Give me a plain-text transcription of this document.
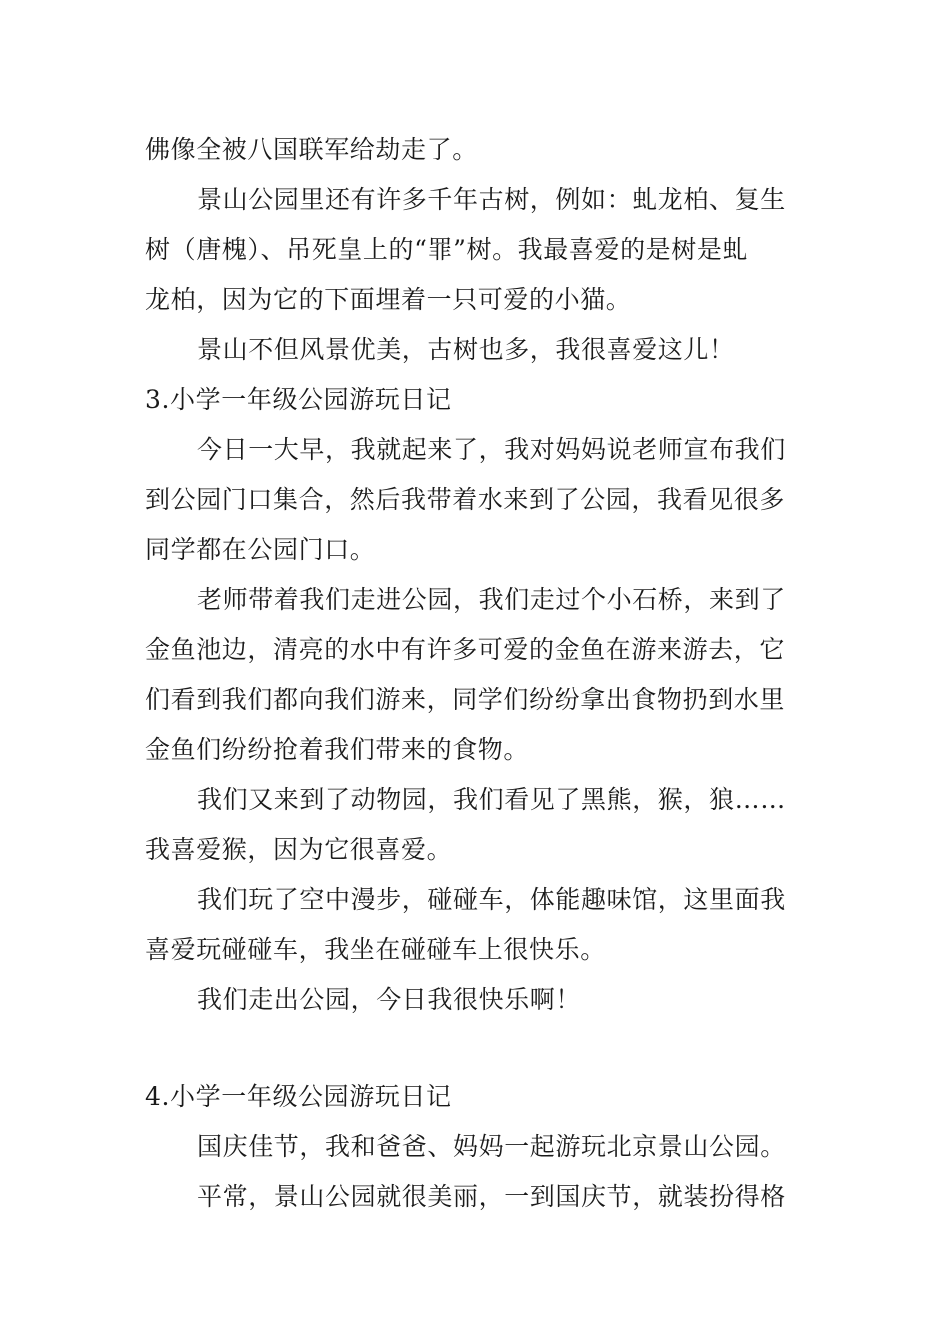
佛像全被八国联军给劫走了。

景山公园里还有许多千年古树，例如：虬龙柏、复生

树（唐槐）、吊死皇上的“罪”树。我最喜爱的是树是虬

龙柏，因为它的下面埋着一只可爱的小猫。

景山不但风景优美，古树也多，我很喜爱这儿！

3.小学一年级公园游玩日记

今日一大早，我就起来了，我对妈妈说老师宣布我们

到公园门口集合，然后我带着水来到了公园，我看见很多

同学都在公园门口。

老师带着我们走进公园，我们走过个小石桥，来到了

金鱼池边，清亮的水中有许多可爱的金鱼在游来游去，它

们看到我们都向我们游来，同学们纷纷拿出食物扔到水里

金鱼们纷纷抢着我们带来的食物。

我们又来到了动物园，我们看见了黑熊，猴，狼……

我喜爱猴，因为它很喜爱。

我们玩了空中漫步，碰碰车，体能趣味馆，这里面我

喜爱玩碰碰车，我坐在碰碰车上很快乐。

我们走出公园，今日我很快乐啊！

4.小学一年级公园游玩日记

国庆佳节，我和爸爸、妈妈一起游玩北京景山公园。

平常，景山公园就很美丽，一到国庆节，就装扮得格
